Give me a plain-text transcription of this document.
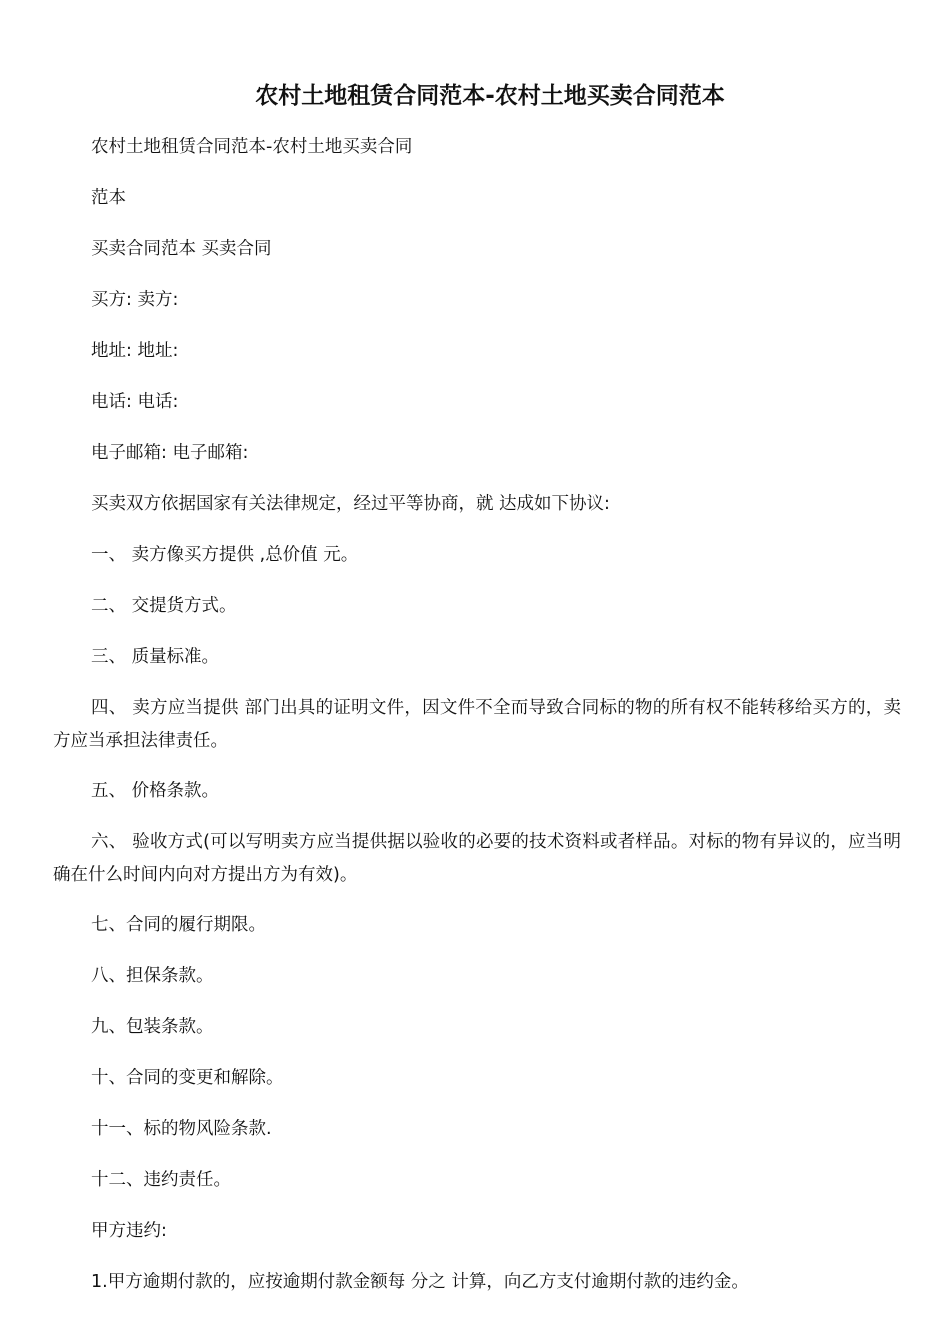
农村土地租赁合同范本-农村土地买卖合同范本
农村土地租赁合同范本-农村土地买卖合同
范本
买卖合同范本 买卖合同
买方: 卖方:
地址: 地址:
电话: 电话:
电子邮箱: 电子邮箱:
买卖双方依据国家有关法律规定，经过平等协商，就 达成如下协议:
一、 卖方像买方提供 ,总价值 元。
二、 交提货方式。
三、 质量标准。
四、 卖方应当提供 部门出具的证明文件，因文件不全而导致合同标的物的所有权不能转移给买方的，卖方应当承担法律责任。
五、 价格条款。
六、 验收方式(可以写明卖方应当提供据以验收的必要的技术资料或者样品。对标的物有异议的，应当明确在什么时间内向对方提出方为有效)。
七、合同的履行期限。
八、担保条款。
九、包装条款。
十、合同的变更和解除。
十一、标的物风险条款.
十二、违约责任。
甲方违约:
1.甲方逾期付款的，应按逾期付款金额每 分之 计算，向乙方支付逾期付款的违约金。
